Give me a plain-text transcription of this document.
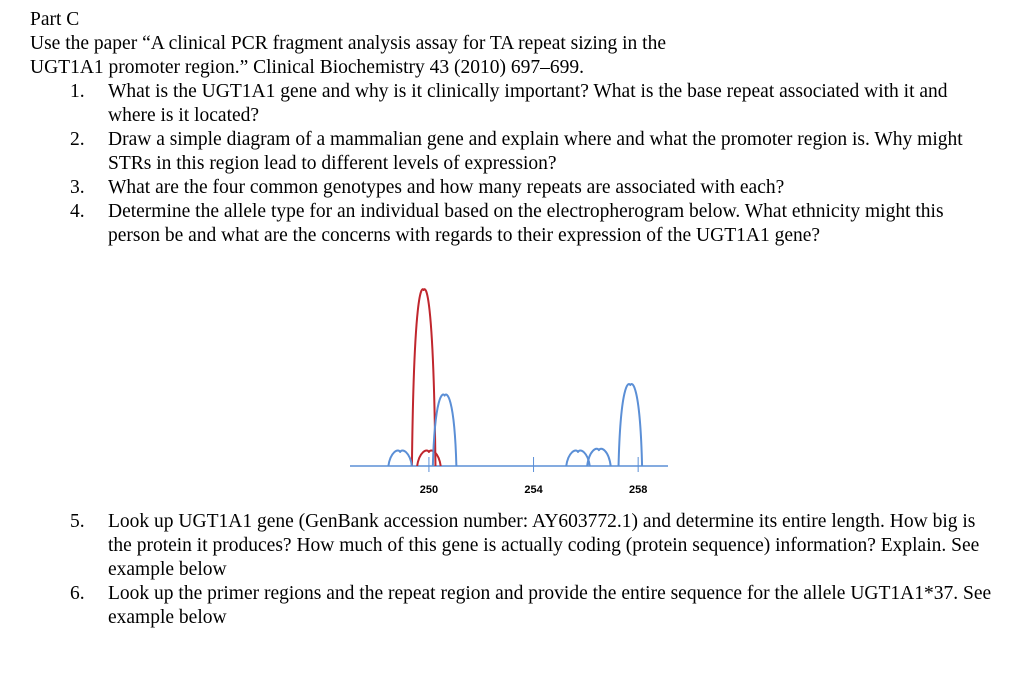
Part C
Use the paper “A clinical PCR fragment analysis assay for TA repeat sizing in the
UGT1A1 promoter region.” Clinical Biochemistry 43 (2010) 697–699.
1. What is the UGT1A1 gene and why is it clinically important? What is the base repeat associated with it and where is it located?
2. Draw a simple diagram of a mammalian gene and explain where and what the promoter region is. Why might STRs in this region lead to different levels of expression?
3. What are the four common genotypes and how many repeats are associated with each?
4. Determine the allele type for an individual based on the electropherogram below. What ethnicity might this person be and what are the concerns with regards to their expression of the UGT1A1 gene?
250	254	258
5. Look up UGT1A1 gene (GenBank accession number: AY603772.1) and determine its entire length. How big is the protein it produces? How much of this gene is actually coding (protein sequence) information? Explain. See example below
6. Look up the primer regions and the repeat region and provide the entire sequence for the allele UGT1A1*37. See example below
